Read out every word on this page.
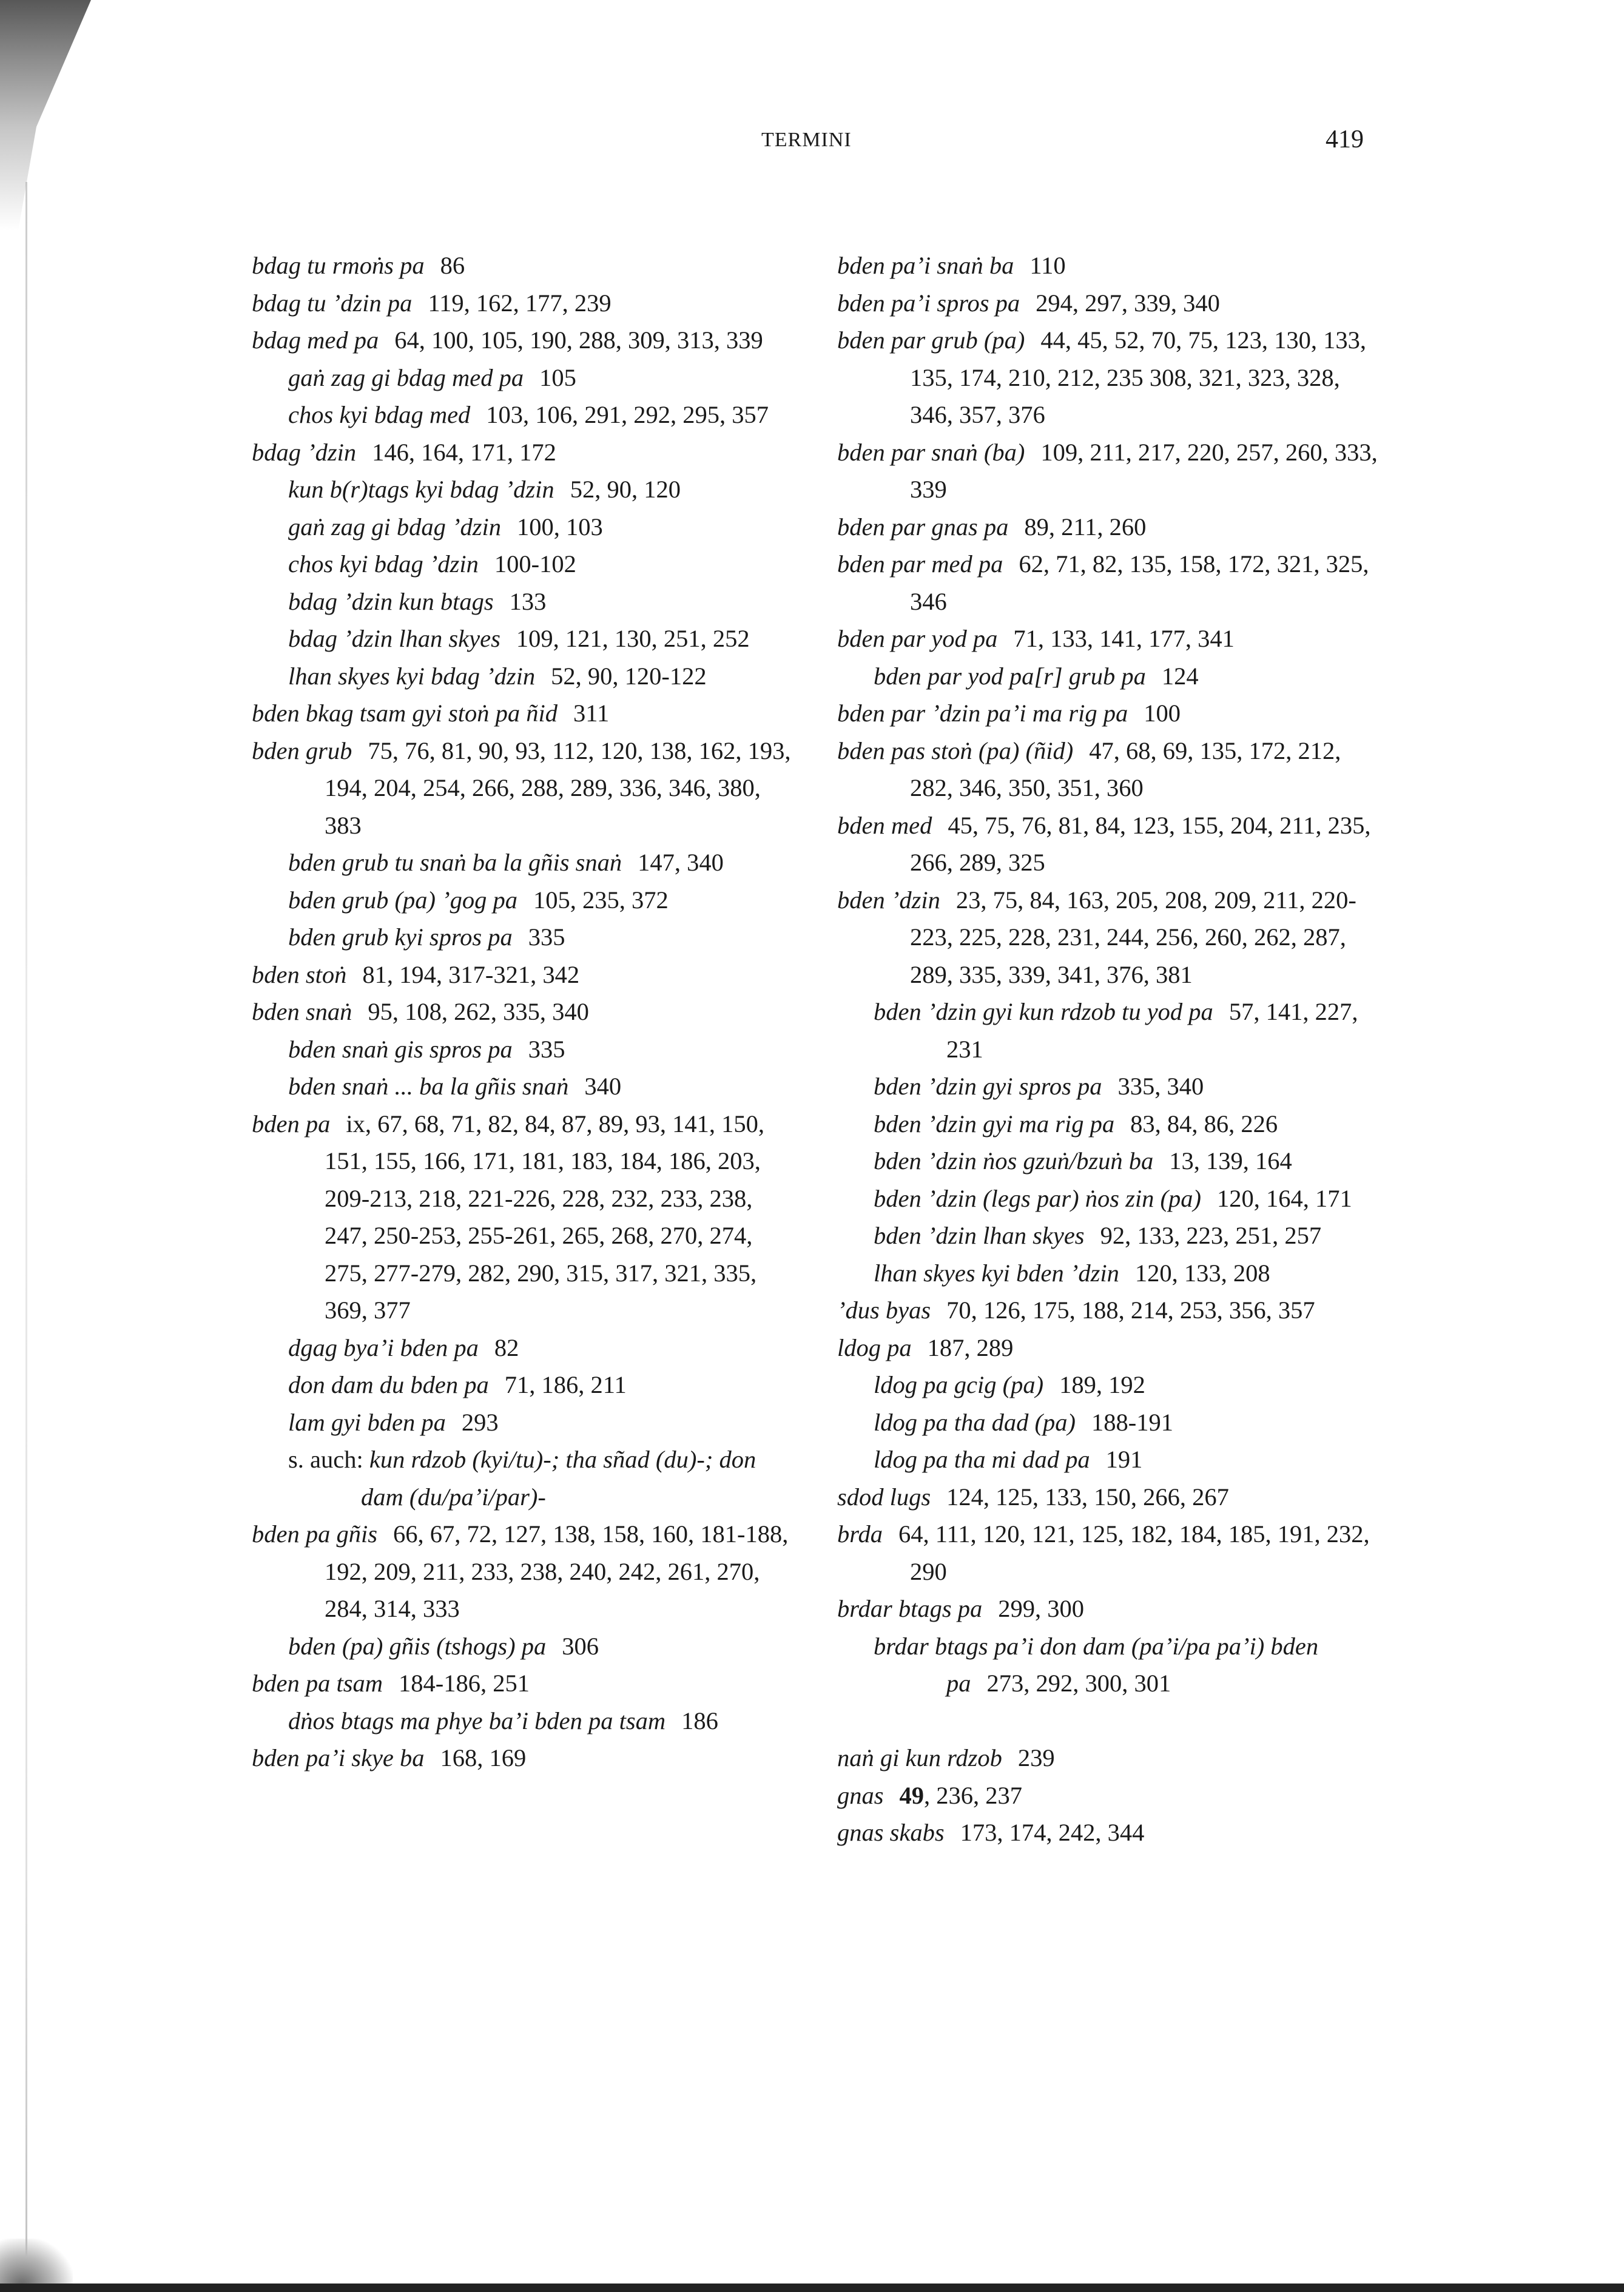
TERMINI	419
bdag tu rmoṅs pa 86
bdag tu ’dzin pa 119, 162, 177, 239
bdag med pa 64, 100, 105, 190, 288, 309, 313, 339
gaṅ zag gi bdag med pa 105
chos kyi bdag med 103, 106, 291, 292, 295, 357
bdag ’dzin 146, 164, 171, 172
kun b(r)tags kyi bdag ’dzin 52, 90, 120
gaṅ zag gi bdag ’dzin 100, 103
chos kyi bdag ’dzin 100-102
bdag ’dzin kun btags 133
bdag ’dzin lhan skyes 109, 121, 130, 251, 252
lhan skyes kyi bdag ’dzin 52, 90, 120-122
bden bkag tsam gyi stoṅ pa ñid 311
bden grub 75, 76, 81, 90, 93, 112, 120, 138, 162, 193, 194, 204, 254, 266, 288, 289, 336, 346, 380, 383
bden grub tu snaṅ ba la gñis snaṅ 147, 340
bden grub (pa) ’gog pa 105, 235, 372
bden grub kyi spros pa 335
bden stoṅ 81, 194, 317-321, 342
bden snaṅ 95, 108, 262, 335, 340
bden snaṅ gis spros pa 335
bden snaṅ ... ba la gñis snaṅ 340
bden pa ix, 67, 68, 71, 82, 84, 87, 89, 93, 141, 150, 151, 155, 166, 171, 181, 183, 184, 186, 203, 209-213, 218, 221-226, 228, 232, 233, 238, 247, 250-253, 255-261, 265, 268, 270, 274, 275, 277-279, 282, 290, 315, 317, 321, 335, 369, 377
dgag bya’i bden pa 82
don dam du bden pa 71, 186, 211
lam gyi bden pa 293
s. auch: kun rdzob (kyi/tu)-; tha sñad (du)-; don dam (du/pa’i/par)-
bden pa gñis 66, 67, 72, 127, 138, 158, 160, 181-188, 192, 209, 211, 233, 238, 240, 242, 261, 270, 284, 314, 333
bden (pa) gñis (tshogs) pa 306
bden pa tsam 184-186, 251
dṅos btags ma phye ba’i bden pa tsam 186
bden pa’i skye ba 168, 169
bden pa’i snaṅ ba 110
bden pa’i spros pa 294, 297, 339, 340
bden par grub (pa) 44, 45, 52, 70, 75, 123, 130, 133, 135, 174, 210, 212, 235 308, 321, 323, 328, 346, 357, 376
bden par snaṅ (ba) 109, 211, 217, 220, 257, 260, 333, 339
bden par gnas pa 89, 211, 260
bden par med pa 62, 71, 82, 135, 158, 172, 321, 325, 346
bden par yod pa 71, 133, 141, 177, 341
bden par yod pa[r] grub pa 124
bden par ’dzin pa’i ma rig pa 100
bden pas stoṅ (pa) (ñid) 47, 68, 69, 135, 172, 212, 282, 346, 350, 351, 360
bden med 45, 75, 76, 81, 84, 123, 155, 204, 211, 235, 266, 289, 325
bden ’dzin 23, 75, 84, 163, 205, 208, 209, 211, 220-223, 225, 228, 231, 244, 256, 260, 262, 287, 289, 335, 339, 341, 376, 381
bden ’dzin gyi kun rdzob tu yod pa 57, 141, 227, 231
bden ’dzin gyi spros pa 335, 340
bden ’dzin gyi ma rig pa 83, 84, 86, 226
bden ’dzin ṅos gzuṅ/bzuṅ ba 13, 139, 164
bden ’dzin (legs par) ṅos zin (pa) 120, 164, 171
bden ’dzin lhan skyes 92, 133, 223, 251, 257
lhan skyes kyi bden ’dzin 120, 133, 208
’dus byas 70, 126, 175, 188, 214, 253, 356, 357
ldog pa 187, 289
ldog pa gcig (pa) 189, 192
ldog pa tha dad (pa) 188-191
ldog pa tha mi dad pa 191
sdod lugs 124, 125, 133, 150, 266, 267
brda 64, 111, 120, 121, 125, 182, 184, 185, 191, 232, 290
brdar btags pa 299, 300
brdar btags pa’i don dam (pa’i/pa pa’i) bden pa 273, 292, 300, 301
naṅ gi kun rdzob 239
gnas 49, 236, 237
gnas skabs 173, 174, 242, 344
